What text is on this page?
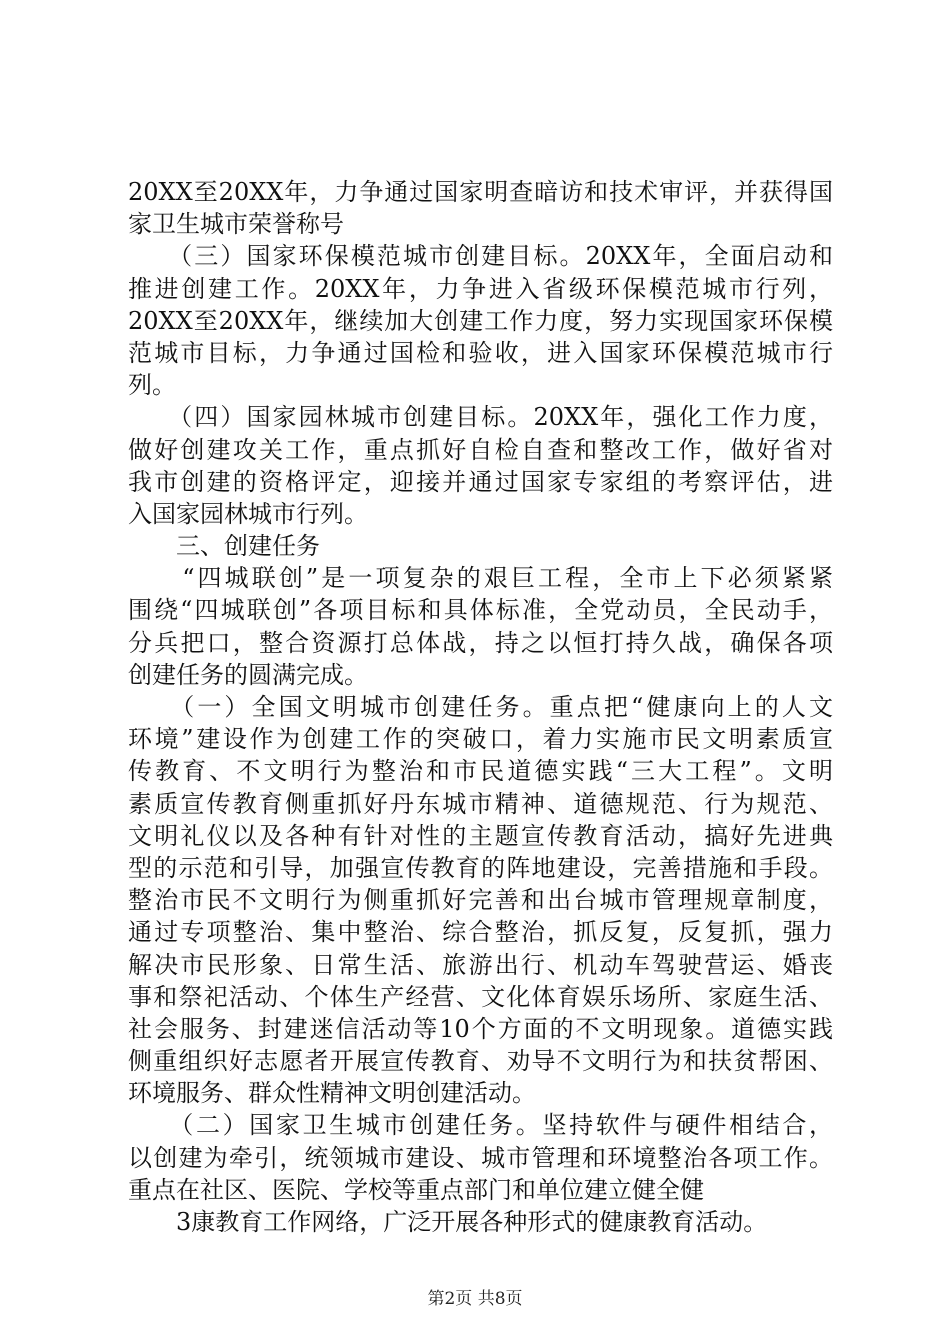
20XX至20XX年，力争通过国家明查暗访和技术审评，并获得国
家卫生城市荣誉称号
　　（三）国家环保模范城市创建目标。20XX年，全面启动和
推进创建工作。20XX年，力争进入省级环保模范城市行列，
20XX至20XX年，继续加大创建工作力度，努力实现国家环保模
范城市目标，力争通过国检和验收，进入国家环保模范城市行
列。
　　（四）国家园林城市创建目标。20XX年，强化工作力度，
做好创建攻关工作，重点抓好自检自查和整改工作，做好省对
我市创建的资格评定，迎接并通过国家专家组的考察评估，进
入国家园林城市行列。
　　三、创建任务
　　“四城联创”是一项复杂的艰巨工程，全市上下必须紧紧
围绕“四城联创”各项目标和具体标准，全党动员，全民动手，
分兵把口，整合资源打总体战，持之以恒打持久战，确保各项
创建任务的圆满完成。
　　（一）全国文明城市创建任务。重点把“健康向上的人文
环境”建设作为创建工作的突破口，着力实施市民文明素质宣
传教育、不文明行为整治和市民道德实践“三大工程”。文明
素质宣传教育侧重抓好丹东城市精神、道德规范、行为规范、
文明礼仪以及各种有针对性的主题宣传教育活动，搞好先进典
型的示范和引导，加强宣传教育的阵地建设，完善措施和手段。
整治市民不文明行为侧重抓好完善和出台城市管理规章制度，
通过专项整治、集中整治、综合整治，抓反复，反复抓，强力
解决市民形象、日常生活、旅游出行、机动车驾驶营运、婚丧
事和祭祀活动、个体生产经营、文化体育娱乐场所、家庭生活、
社会服务、封建迷信活动等10个方面的不文明现象。道德实践
侧重组织好志愿者开展宣传教育、劝导不文明行为和扶贫帮困、
环境服务、群众性精神文明创建活动。
　　（二）国家卫生城市创建任务。坚持软件与硬件相结合，
以创建为牵引，统领城市建设、城市管理和环境整治各项工作。
重点在社区、医院、学校等重点部门和单位建立健全健
　　3康教育工作网络，广泛开展各种形式的健康教育活动。
第2页 共8页
